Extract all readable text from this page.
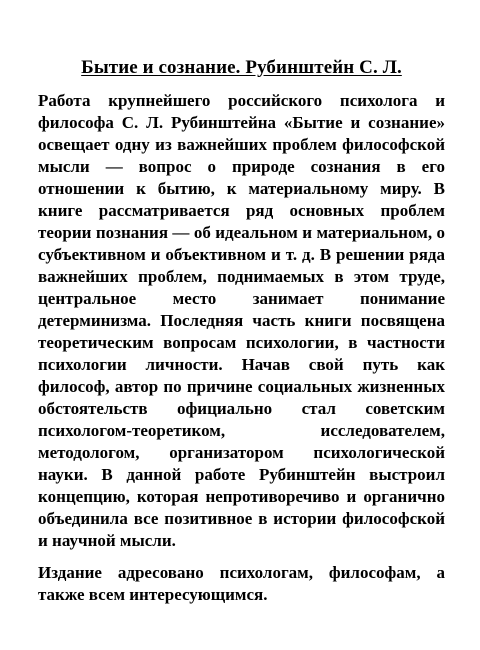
Бытие и сознание. Рубинштейн С. Л.

Работа крупнейшего российского психолога и философа С. Л. Рубинштейна «Бытие и сознание» освещает одну из важнейших проблем философской мысли — вопрос о природе сознания в его отношении к бытию, к материальному миру. В книге рассматривается ряд основных проблем теории познания — об идеальном и материальном, о субъективном и объективном и т. д. В решении ряда важнейших проблем, поднимаемых в этом труде, центральное место занимает понимание детерминизма. Последняя часть книги посвящена теоретическим вопросам психологии, в частности психологии личности. Начав свой путь как философ, автор по причине социальных жизненных обстоятельств официально стал советским психологом-теоретиком, исследователем, методологом, организатором психологической науки. В данной работе Рубинштейн выстроил концепцию, которая непротиворечиво и органично объединила все позитивное в истории философской и научной мысли.

Издание адресовано психологам, философам, а также всем интересующимся.
